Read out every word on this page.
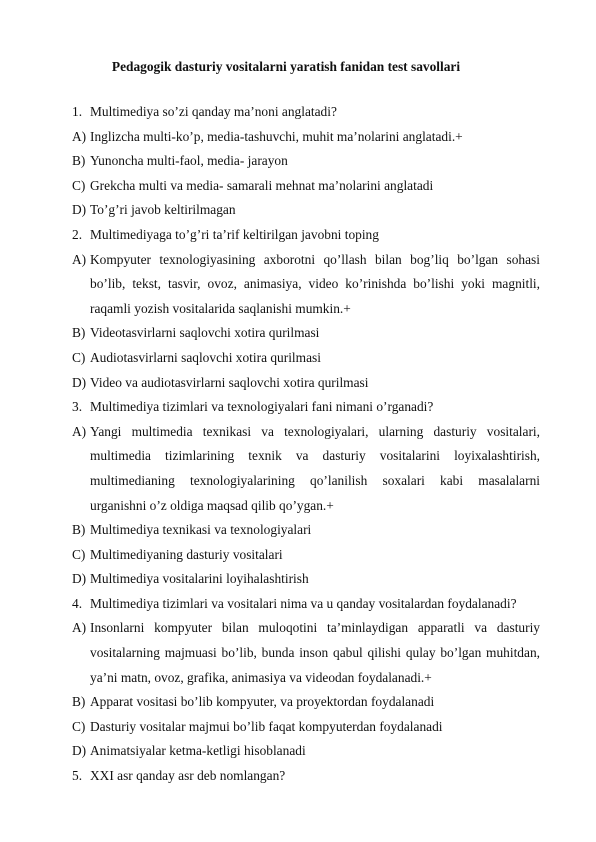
Pedagogik dasturiy vositalarni yaratish fanidan test savollari
1. Multimediya so’zi qanday ma’noni anglatadi?
A) Inglizcha multi-ko’p, media-tashuvchi, muhit ma’nolarini anglatadi.+
B) Yunoncha multi-faol, media- jarayon
C) Grekcha multi va media- samarali mehnat ma’nolarini anglatadi
D) To’g’ri javob keltirilmagan
2. Multimediyaga to’g’ri ta’rif keltirilgan javobni toping
A) Kompyuter texnologiyasining axborotni qo’llash bilan bog’liq bo’lgan sohasi bo’lib, tekst, tasvir, ovoz, animasiya, video ko’rinishda bo’lishi yoki magnitli, raqamli yozish vositalarida saqlanishi mumkin.+
B) Videotasvirlarni saqlovchi xotira qurilmasi
C) Audiotasvirlarni saqlovchi xotira qurilmasi
D) Video va audiotasvirlarni saqlovchi xotira qurilmasi
3. Multimediya tizimlari va texnologiyalari fani nimani o’rganadi?
A) Yangi multimedia texnikasi va texnologiyalari, ularning dasturiy vositalari, multimedia tizimlarining texnik va dasturiy vositalarini loyixalashtirish, multimedianing texnologiyalarining qo’lanilish soxalari kabi masalalarni urganishni o’z oldiga maqsad qilib qo’ygan.+
B) Multimediya texnikasi va texnologiyalari
C) Multimediyaning dasturiy vositalari
D) Multimediya vositalarini loyihalashtirish
4. Multimediya tizimlari va vositalari nima va u qanday vositalardan foydalanadi?
A) Insonlarni kompyuter bilan muloqotini ta’minlaydigan apparatli va dasturiy vositalarning majmuasi bo’lib, bunda inson qabul qilishi qulay bo’lgan muhitdan, ya’ni matn, ovoz, grafika, animasiya va videodan foydalanadi.+
B) Apparat vositasi bo’lib kompyuter, va proyektordan foydalanadi
C) Dasturiy vositalar majmui bo’lib faqat kompyuterdan foydalanadi
D) Animatsiyalar ketma-ketligi hisoblanadi
5. XXI asr qanday asr deb nomlangan?
